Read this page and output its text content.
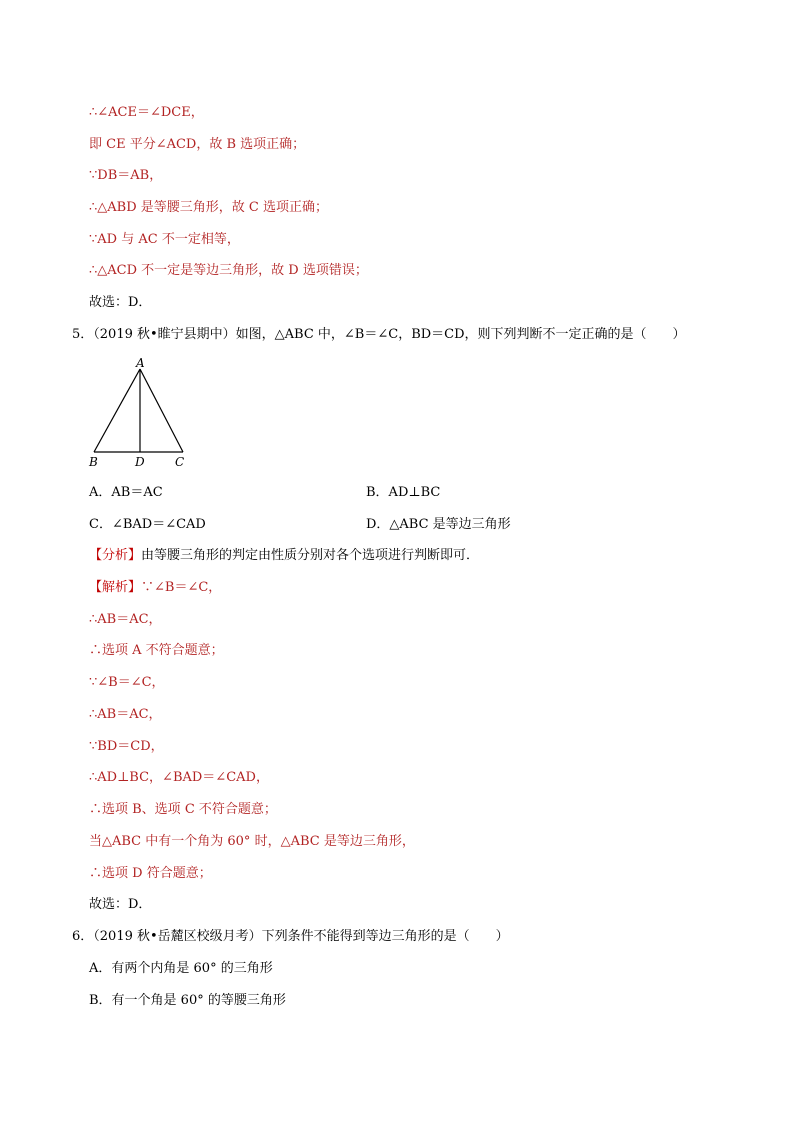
∴∠ACE＝∠DCE，
即 CE 平分∠ACD，故 B 选项正确；
∵DB＝AB，
∴△ABD 是等腰三角形，故 C 选项正确；
∵AD 与 AC 不一定相等，
∴△ACD 不一定是等边三角形，故 D 选项错误；
故选：D．
5．（2019 秋•睢宁县期中）如图，△ABC 中，∠B＝∠C，BD＝CD，则下列判断不一定正确的是（　　）
A
B	D	C
A．AB＝AC	B．AD⊥BC
C．∠BAD＝∠CAD	D．△ABC 是等边三角形
【分析】由等腰三角形的判定由性质分别对各个选项进行判断即可．
【解析】∵∠B＝∠C，
∴AB＝AC，
∴选项 A 不符合题意；
∵∠B＝∠C，
∴AB＝AC，
∵BD＝CD，
∴AD⊥BC，∠BAD＝∠CAD，
∴选项 B、选项 C 不符合题意；
当△ABC 中有一个角为 60° 时，△ABC 是等边三角形，
∴选项 D 符合题意；
故选：D．
6．（2019 秋•岳麓区校级月考）下列条件不能得到等边三角形的是（　　）
A．有两个内角是 60° 的三角形
B．有一个角是 60° 的等腰三角形
